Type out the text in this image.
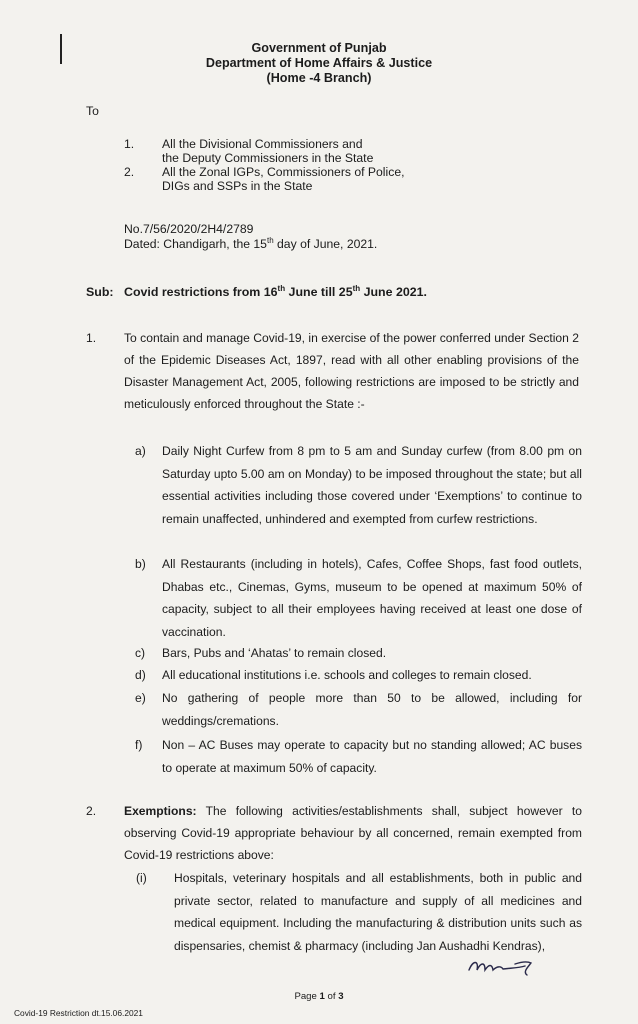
Government of Punjab
Department of Home Affairs & Justice
(Home -4 Branch)
To
1. All the Divisional Commissioners and
the Deputy Commissioners in the State
2. All the Zonal IGPs, Commissioners of Police,
DIGs and SSPs in the State
No.7/56/2020/2H4/2789
Dated: Chandigarh, the 15th day of June, 2021.
Sub: Covid restrictions from 16th June till 25th June 2021.
1. To contain and manage Covid-19, in exercise of the power conferred under Section 2 of the Epidemic Diseases Act, 1897, read with all other enabling provisions of the Disaster Management Act, 2005, following restrictions are imposed to be strictly and meticulously enforced throughout the State :-
a) Daily Night Curfew from 8 pm to 5 am and Sunday curfew (from 8.00 pm on Saturday upto 5.00 am on Monday) to be imposed throughout the state; but all essential activities including those covered under ‘Exemptions’ to continue to remain unaffected, unhindered and exempted from curfew restrictions.
b) All Restaurants (including in hotels), Cafes, Coffee Shops, fast food outlets, Dhabas etc., Cinemas, Gyms, museum to be opened at maximum 50% of capacity, subject to all their employees having received at least one dose of vaccination.
c) Bars, Pubs and ‘Ahatas’ to remain closed.
d) All educational institutions i.e. schools and colleges to remain closed.
e) No gathering of people more than 50 to be allowed, including for weddings/cremations.
f) Non – AC Buses may operate to capacity but no standing allowed; AC buses to operate at maximum 50% of capacity.
2. Exemptions: The following activities/establishments shall, subject however to observing Covid-19 appropriate behaviour by all concerned, remain exempted from Covid-19 restrictions above:
(i) Hospitals, veterinary hospitals and all establishments, both in public and private sector, related to manufacture and supply of all medicines and medical equipment. Including the manufacturing & distribution units such as dispensaries, chemist & pharmacy (including Jan Aushadhi Kendras),
Page 1 of 3
Covid-19 Restriction dt.15.06.2021
